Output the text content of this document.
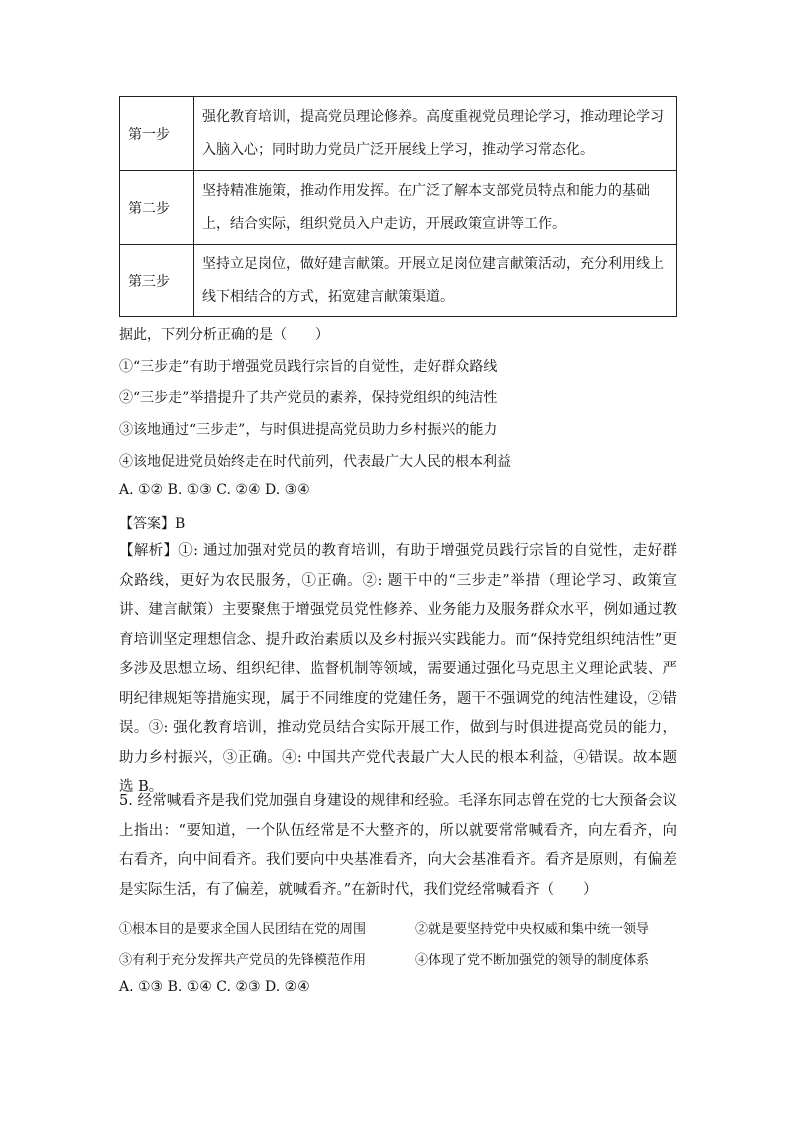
第一步	强化教育培训，提高党员理论修养。高度重视党员理论学习，推动理论学习入脑入心；同时助力党员广泛开展线上学习，推动学习常态化。
第二步	坚持精准施策，推动作用发挥。在广泛了解本支部党员特点和能力的基础上，结合实际，组织党员入户走访，开展政策宣讲等工作。
第三步	坚持立足岗位，做好建言献策。开展立足岗位建言献策活动，充分利用线上线下相结合的方式，拓宽建言献策渠道。
据此，下列分析正确的是（　　）
①“三步走”有助于增强党员践行宗旨的自觉性，走好群众路线
②“三步走”举措提升了共产党员的素养，保持党组织的纯洁性
③该地通过“三步走”，与时俱进提高党员助力乡村振兴的能力
④该地促进党员始终走在时代前列，代表最广大人民的根本利益
A. ①② B. ①③ C. ②④ D. ③④
【答案】B
【解析】①: 通过加强对党员的教育培训，有助于增强党员践行宗旨的自觉性，走好群众路线，更好为农民服务，①正确。②: 题干中的“三步走”举措（理论学习、政策宣讲、建言献策）主要聚焦于增强党员党性修养、业务能力及服务群众水平，例如通过教育培训坚定理想信念、提升政治素质以及乡村振兴实践能力。而“保持党组织纯洁性”更多涉及思想立场、组织纪律、监督机制等领域，需要通过强化马克思主义理论武装、严明纪律规矩等措施实现，属于不同维度的党建任务，题干不强调党的纯洁性建设，②错误。③: 强化教育培训，推动党员结合实际开展工作，做到与时俱进提高党员的能力，助力乡村振兴，③正确。④: 中国共产党代表最广大人民的根本利益，④错误。故本题选 B。
5. 经常喊看齐是我们党加强自身建设的规律和经验。毛泽东同志曾在党的七大预备会议上指出：“要知道，一个队伍经常是不大整齐的，所以就要常常喊看齐，向左看齐，向右看齐，向中间看齐。我们要向中央基准看齐，向大会基准看齐。看齐是原则，有偏差是实际生活，有了偏差，就喊看齐。”在新时代，我们党经常喊看齐（　　）
①根本目的是要求全国人民团结在党的周围	②就是要坚持党中央权威和集中统一领导
③有利于充分发挥共产党员的先锋模范作用	④体现了党不断加强党的领导的制度体系
A. ①③ B. ①④ C. ②③ D. ②④
